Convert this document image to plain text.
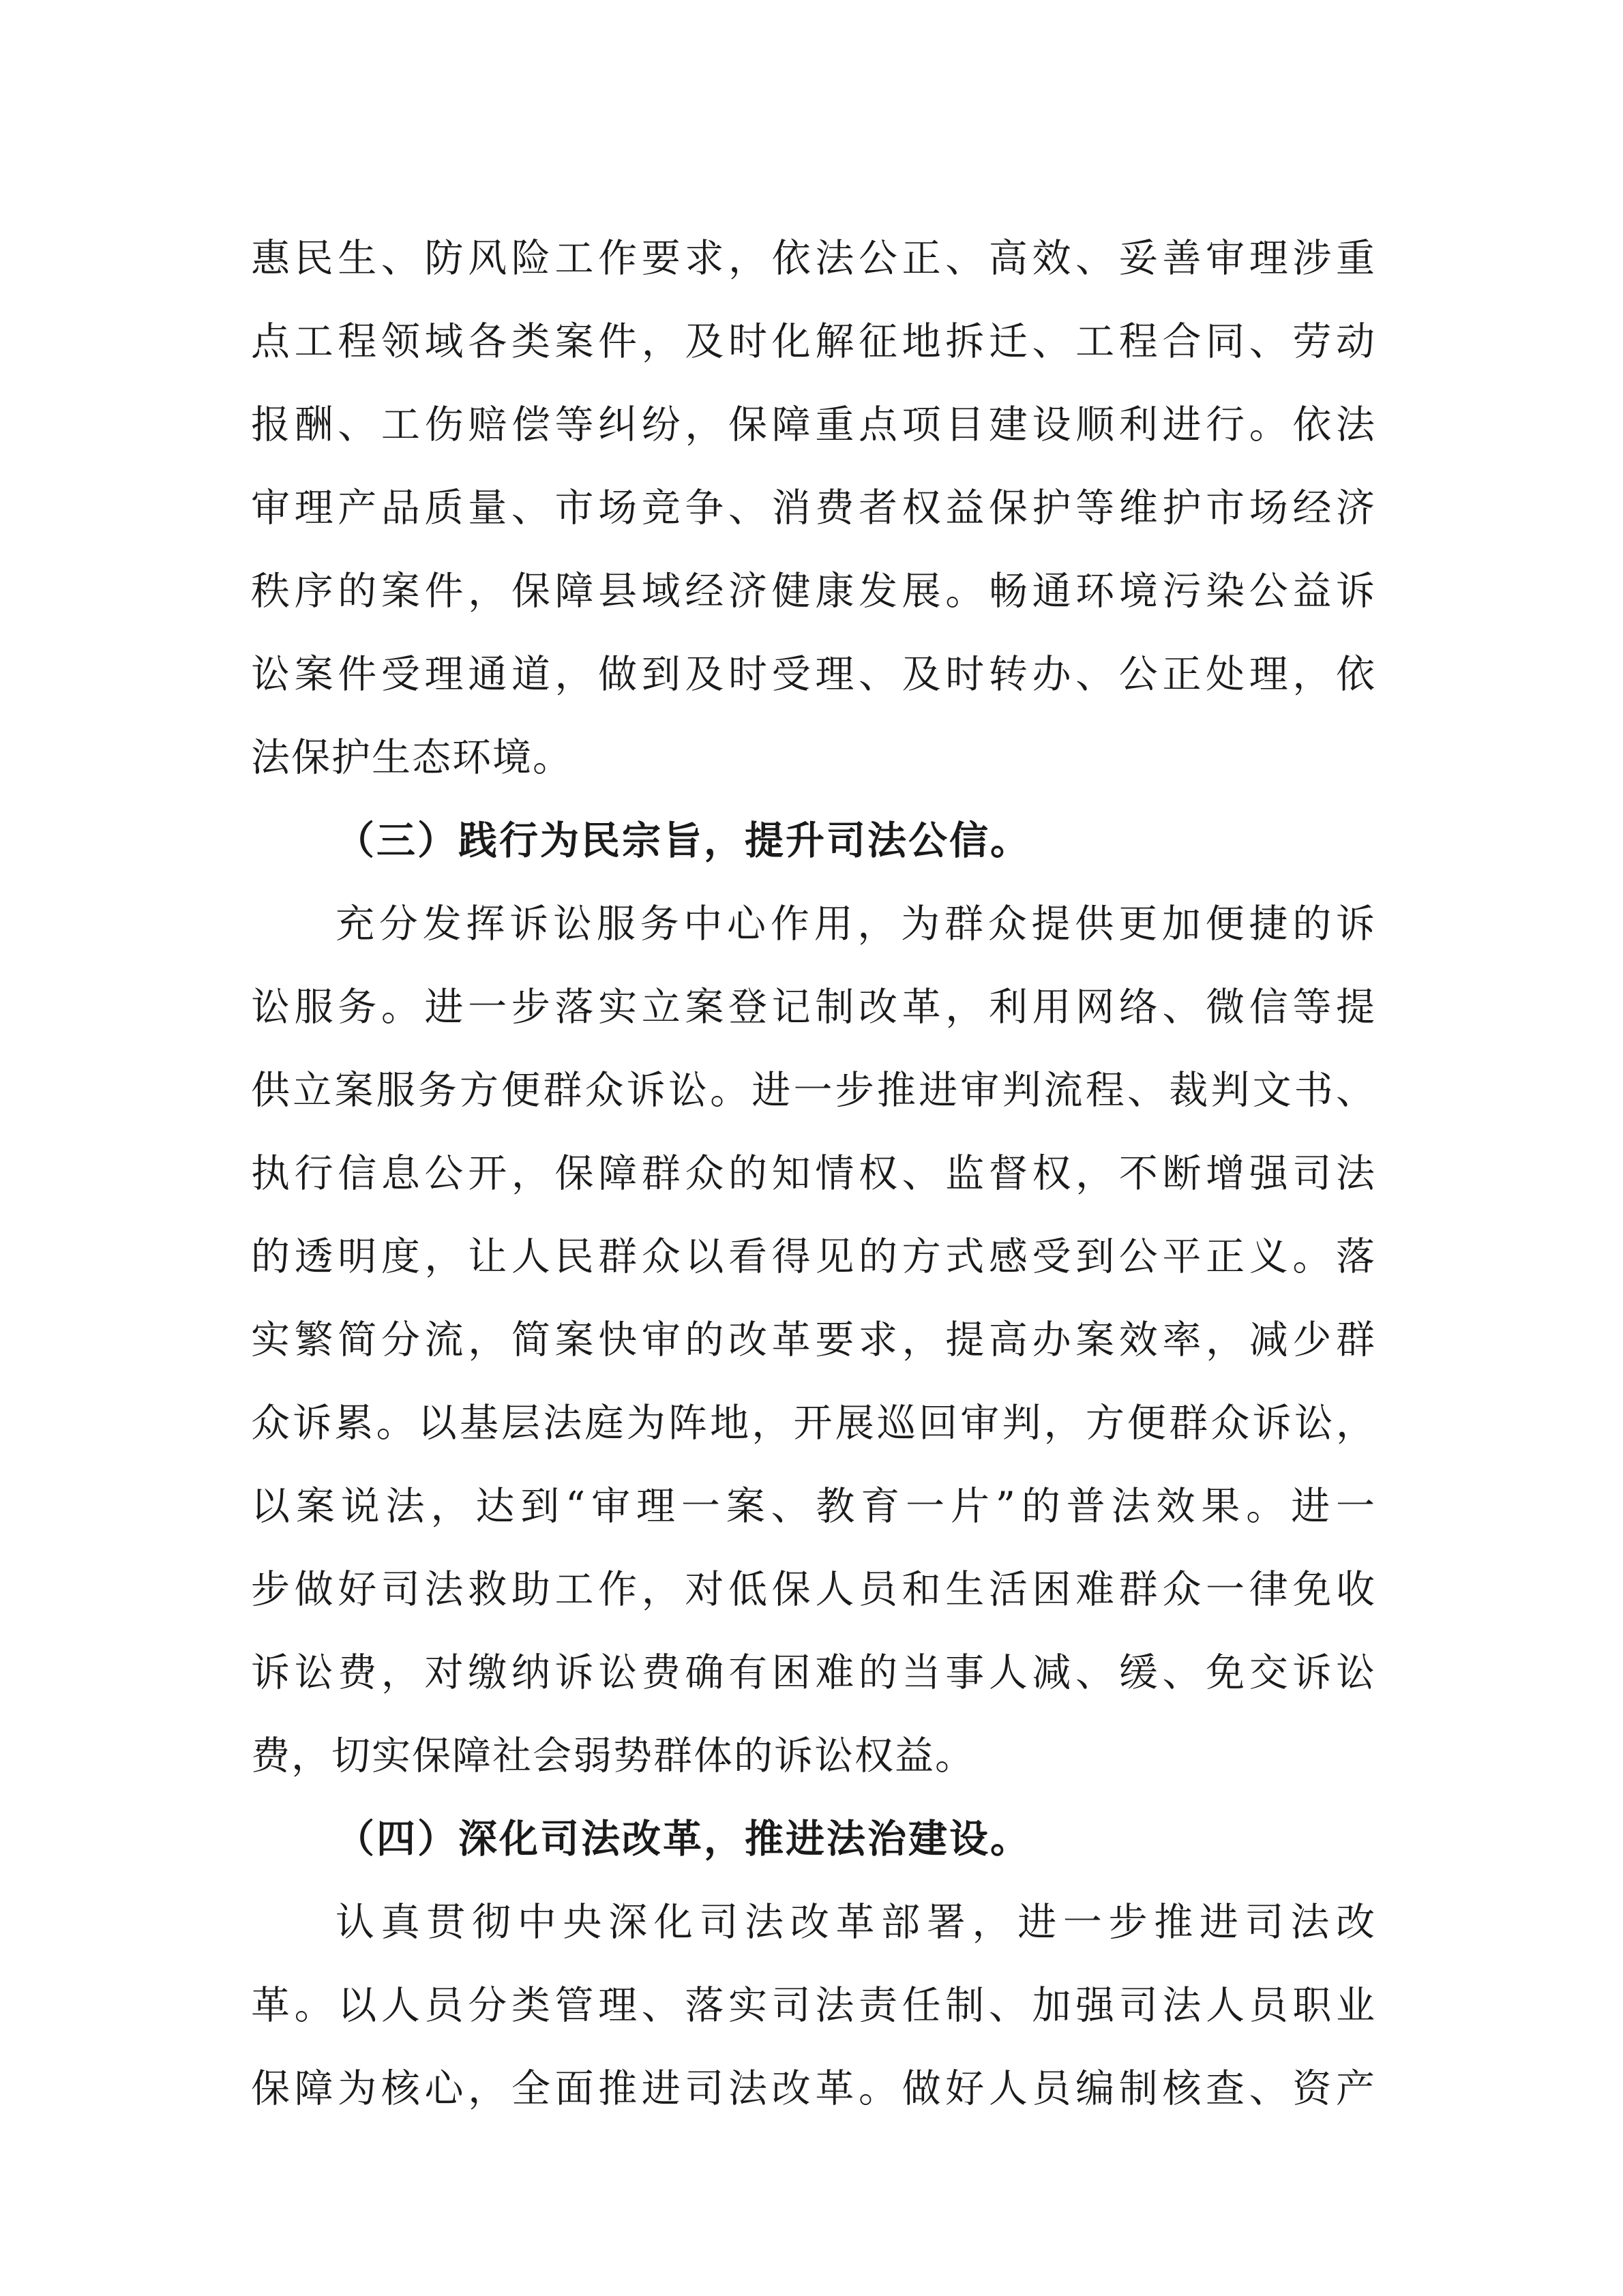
惠民生、防风险工作要求，依法公正、高效、妥善审理涉重
点工程领域各类案件，及时化解征地拆迁、工程合同、劳动
报酬、工伤赔偿等纠纷，保障重点项目建设顺利进行。依法
审理产品质量、市场竞争、消费者权益保护等维护市场经济
秩序的案件，保障县域经济健康发展。畅通环境污染公益诉
讼案件受理通道，做到及时受理、及时转办、公正处理，依
法保护生态环境。
（三）践行为民宗旨，提升司法公信。
充分发挥诉讼服务中心作用，为群众提供更加便捷的诉
讼服务。进一步落实立案登记制改革，利用网络、微信等提
供立案服务方便群众诉讼。进一步推进审判流程、裁判文书、
执行信息公开，保障群众的知情权、监督权，不断增强司法
的透明度，让人民群众以看得见的方式感受到公平正义。落
实繁简分流，简案快审的改革要求，提高办案效率，减少群
众诉累。以基层法庭为阵地，开展巡回审判，方便群众诉讼，
以案说法，达到“审理一案、教育一片”的普法效果。进一
步做好司法救助工作，对低保人员和生活困难群众一律免收
诉讼费，对缴纳诉讼费确有困难的当事人减、缓、免交诉讼
费，切实保障社会弱势群体的诉讼权益。
（四）深化司法改革，推进法治建设。
认真贯彻中央深化司法改革部署，进一步推进司法改
革。以人员分类管理、落实司法责任制、加强司法人员职业
保障为核心，全面推进司法改革。做好人员编制核查、资产
